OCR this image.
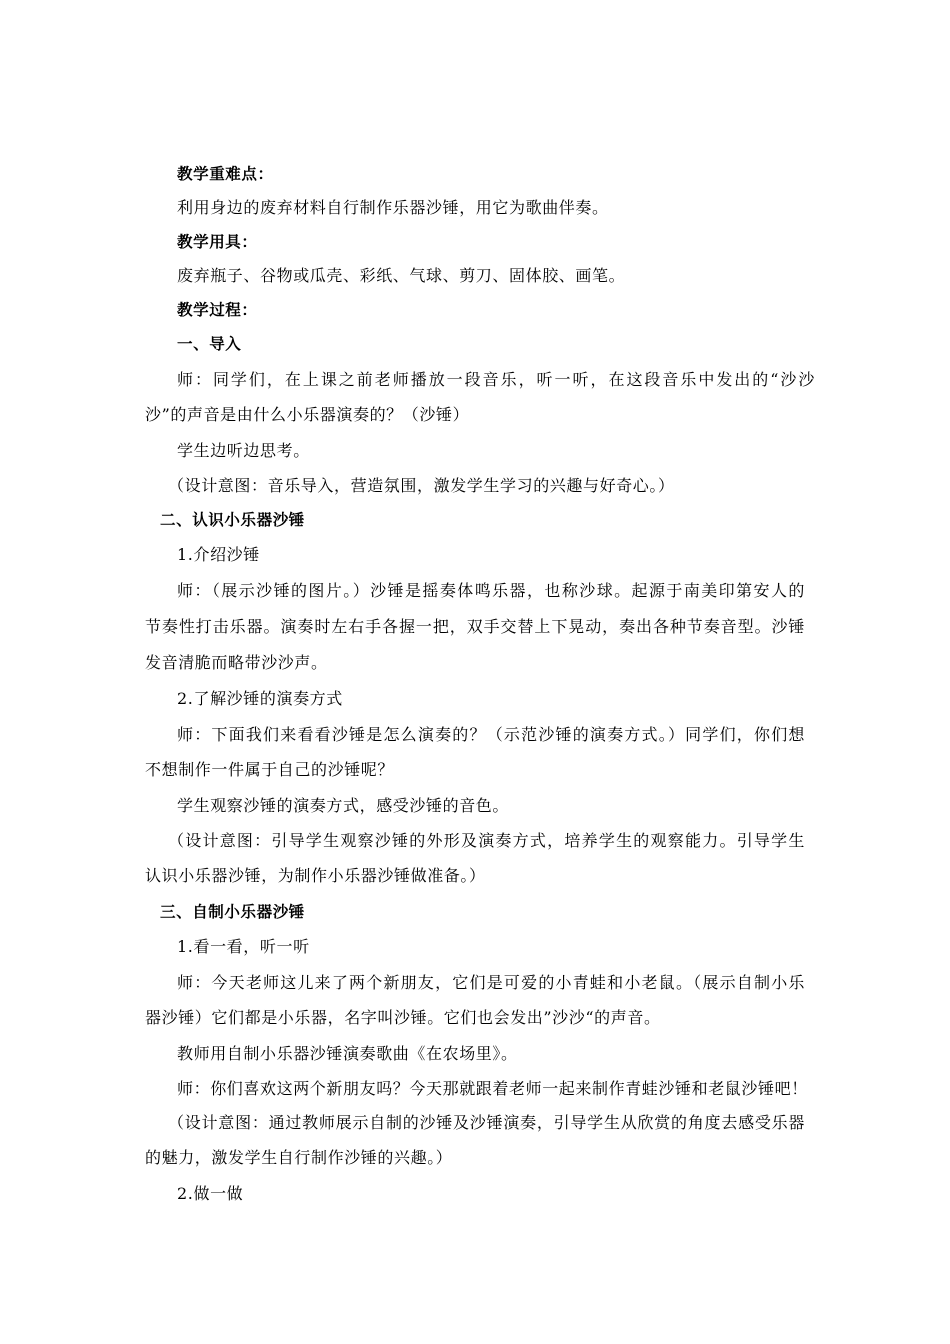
教学重难点：
利用身边的废弃材料自行制作乐器沙锤，用它为歌曲伴奏。
教学用具：
废弃瓶子、谷物或瓜壳、彩纸、气球、剪刀、固体胶、画笔。
教学过程：
一、导入
师：同学们，在上课之前老师播放一段音乐，听一听，在这段音乐中发出的“沙沙
沙”的声音是由什么小乐器演奏的？（沙锤）
学生边听边思考。
（设计意图：音乐导入，营造氛围，激发学生学习的兴趣与好奇心。）
二、认识小乐器沙锤
1.介绍沙锤
师：（展示沙锤的图片。）沙锤是摇奏体鸣乐器，也称沙球。起源于南美印第安人的
节奏性打击乐器。演奏时左右手各握一把，双手交替上下晃动，奏出各种节奏音型。沙锤
发音清脆而略带沙沙声。
2.了解沙锤的演奏方式
师：下面我们来看看沙锤是怎么演奏的？（示范沙锤的演奏方式。）同学们，你们想
不想制作一件属于自己的沙锤呢？
学生观察沙锤的演奏方式，感受沙锤的音色。
（设计意图：引导学生观察沙锤的外形及演奏方式，培养学生的观察能力。引导学生
认识小乐器沙锤，为制作小乐器沙锤做准备。）
三、自制小乐器沙锤
1.看一看，听一听
师：今天老师这儿来了两个新朋友，它们是可爱的小青蛙和小老鼠。（展示自制小乐
器沙锤）它们都是小乐器，名字叫沙锤。它们也会发出”沙沙“的声音。
教师用自制小乐器沙锤演奏歌曲《在农场里》。
师：你们喜欢这两个新朋友吗？今天那就跟着老师一起来制作青蛙沙锤和老鼠沙锤吧！
（设计意图：通过教师展示自制的沙锤及沙锤演奏，引导学生从欣赏的角度去感受乐器
的魅力，激发学生自行制作沙锤的兴趣。）
2.做一做
